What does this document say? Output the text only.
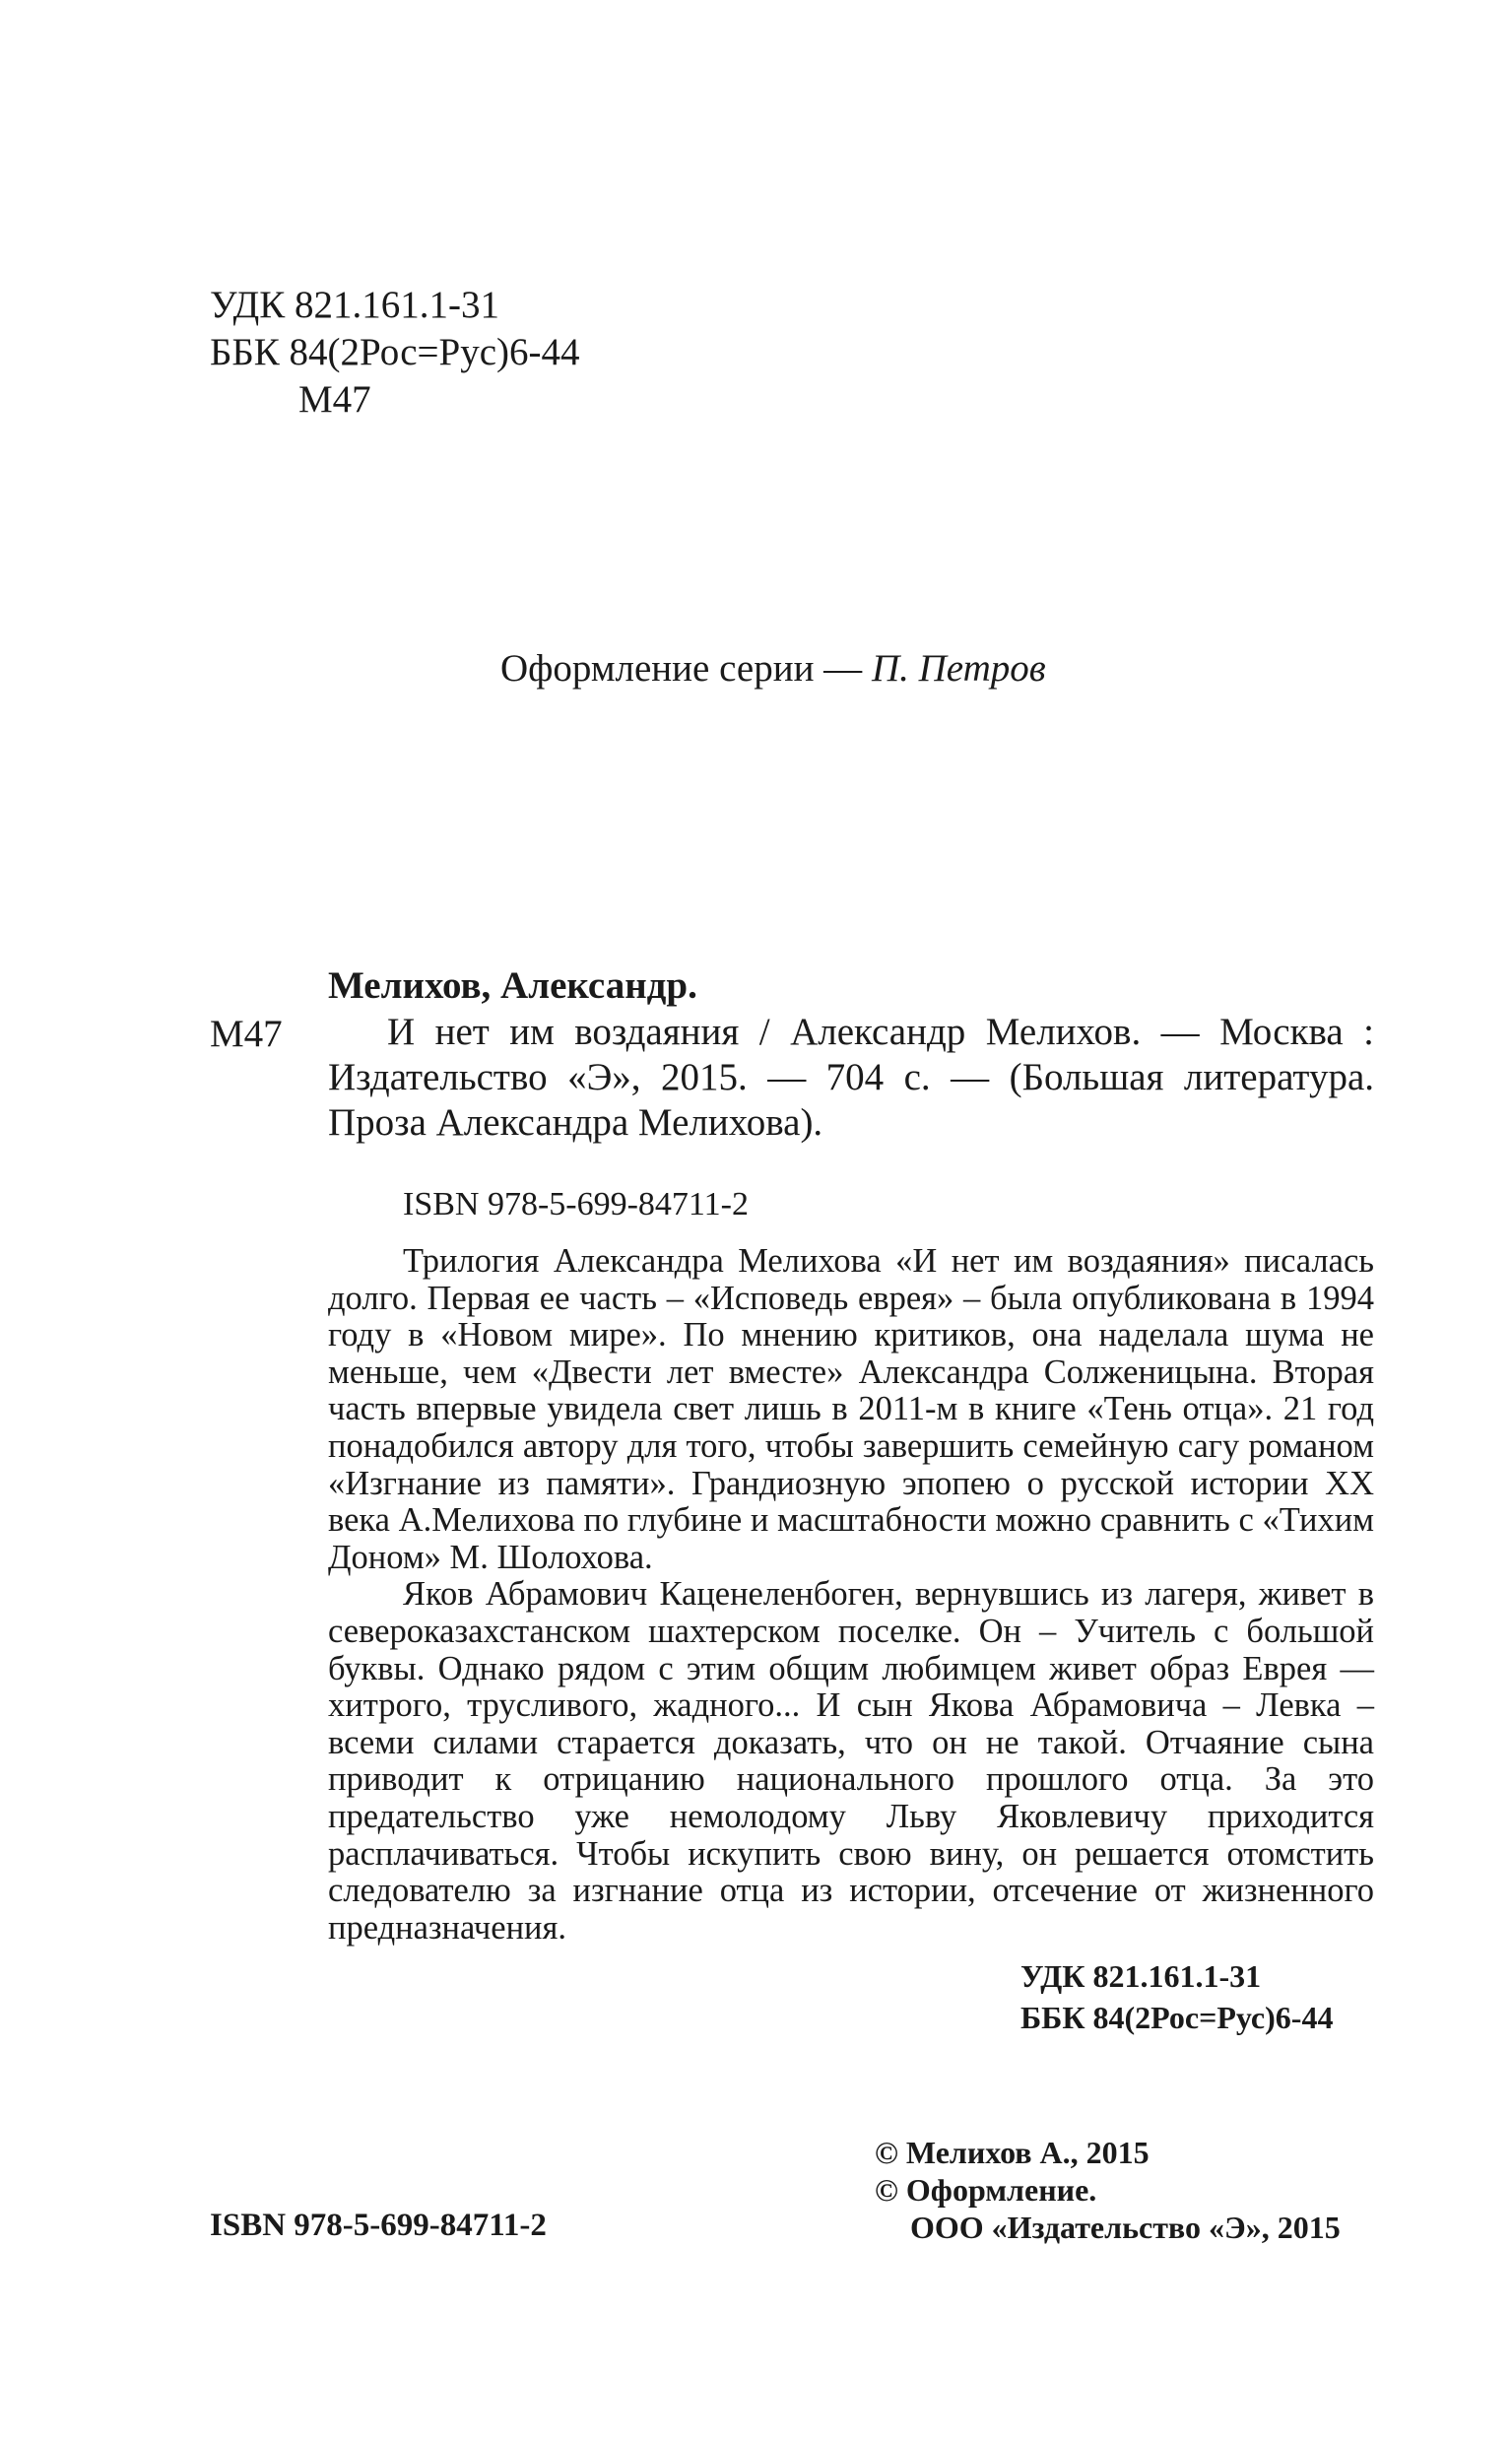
УДК 821.161.1-31
ББК 84(2Рос=Рус)6-44
М47
Оформление серии — П. Петров
Мелихов, Александр.
М47	И нет им воздаяния / Александр Мелихов. — Москва : Издательство «Э», 2015. — 704 с. — (Большая литература. Проза Александра Мелихова).
ISBN 978-5-699-84711-2

Трилогия Александра Мелихова «И нет им воздаяния» писалась долго. Первая ее часть – «Исповедь еврея» – была опубликована в 1994 году в «Новом мире». По мнению критиков, она наделала шума не меньше, чем «Двести лет вместе» Александра Солженицына. Вторая часть впервые увидела свет лишь в 2011-м в книге «Тень отца». 21 год понадобился автору для того, чтобы завершить семейную сагу романом «Изгнание из памяти». Грандиозную эпопею о русской истории XX века А.Мелихова по глубине и масштабности можно сравнить с «Тихим Доном» М. Шолохова.

Яков Абрамович Каценеленбоген, вернувшись из лагеря, живет в североказахстанском шахтерском поселке. Он – Учитель с большой буквы. Однако рядом с этим общим любимцем живет образ Еврея — хитрого, трусливого, жадного... И сын Якова Абрамовича – Левка – всеми силами старается доказать, что он не такой. Отчаяние сына приводит к отрицанию национального прошлого отца. За это предательство уже немолодому Льву Яковлевичу приходится расплачиваться. Чтобы искупить свою вину, он решается отомстить следователю за изгнание отца из истории, отсечение от жизненного предназначения.

УДК 821.161.1-31
ББК 84(2Рос=Рус)6-44
© Мелихов А., 2015
© Оформление.
ООО «Издательство «Э», 2015
ISBN 978-5-699-84711-2
